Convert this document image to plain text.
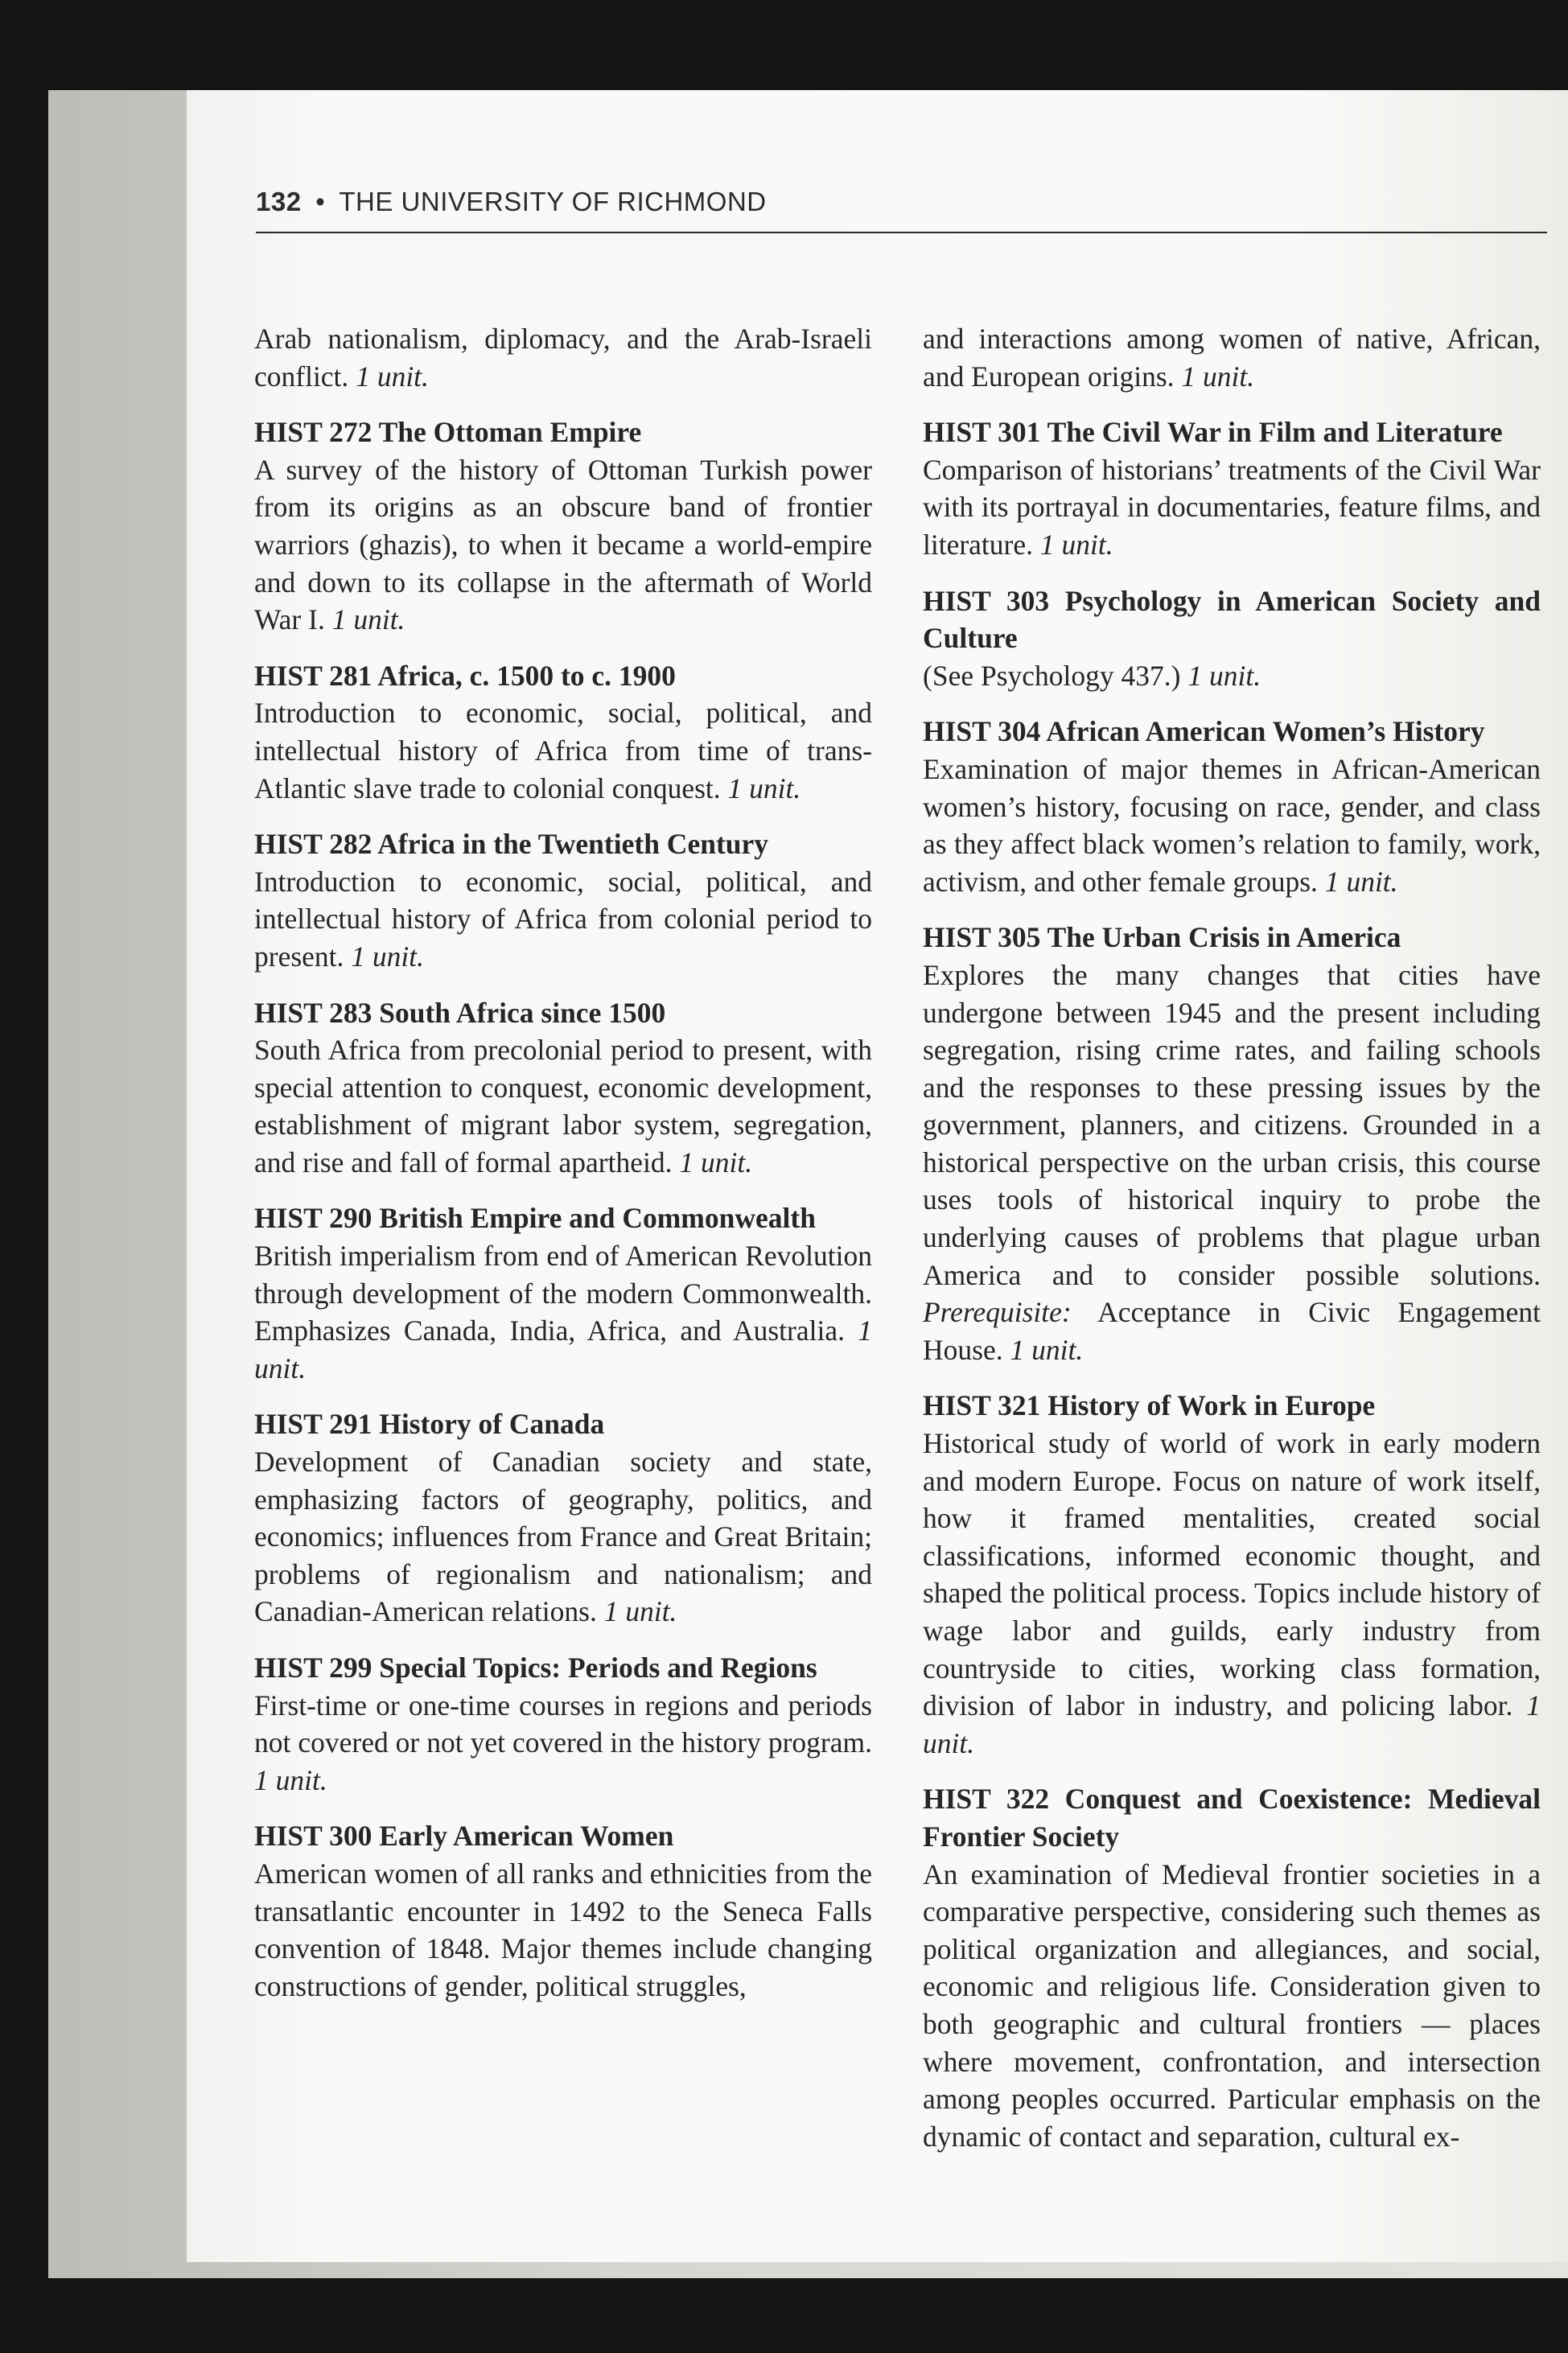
132 • THE UNIVERSITY OF RICHMOND

Arab nationalism, diplomacy, and the Arab-Israeli conflict. 1 unit.

HIST 272 The Ottoman Empire
A survey of the history of Ottoman Turkish power from its origins as an obscure band of frontier warriors (ghazis), to when it became a world-empire and down to its collapse in the aftermath of World War I. 1 unit.

HIST 281 Africa, c. 1500 to c. 1900
Introduction to economic, social, political, and intellectual history of Africa from time of trans-Atlantic slave trade to colonial conquest. 1 unit.

HIST 282 Africa in the Twentieth Century
Introduction to economic, social, political, and intellectual history of Africa from colonial period to present. 1 unit.

HIST 283 South Africa since 1500
South Africa from precolonial period to present, with special attention to conquest, economic development, establishment of migrant labor system, segregation, and rise and fall of formal apartheid. 1 unit.

HIST 290 British Empire and Commonwealth
British imperialism from end of American Revolution through development of the modern Commonwealth. Emphasizes Canada, India, Africa, and Australia. 1 unit.

HIST 291 History of Canada
Development of Canadian society and state, emphasizing factors of geography, politics, and economics; influences from France and Great Britain; problems of regionalism and nationalism; and Canadian-American relations. 1 unit.

HIST 299 Special Topics: Periods and Regions
First-time or one-time courses in regions and periods not covered or not yet covered in the history program. 1 unit.

HIST 300 Early American Women
American women of all ranks and ethnicities from the transatlantic encounter in 1492 to the Seneca Falls convention of 1848. Major themes include changing constructions of gender, political struggles,

and interactions among women of native, African, and European origins. 1 unit.

HIST 301 The Civil War in Film and Literature
Comparison of historians’ treatments of the Civil War with its portrayal in documentaries, feature films, and literature. 1 unit.

HIST 303 Psychology in American Society and Culture
(See Psychology 437.) 1 unit.

HIST 304 African American Women’s History
Examination of major themes in African-American women’s history, focusing on race, gender, and class as they affect black women’s relation to family, work, activism, and other female groups. 1 unit.

HIST 305 The Urban Crisis in America
Explores the many changes that cities have undergone between 1945 and the present including segregation, rising crime rates, and failing schools and the responses to these pressing issues by the government, planners, and citizens. Grounded in a historical perspective on the urban crisis, this course uses tools of historical inquiry to probe the underlying causes of problems that plague urban America and to consider possible solutions. Prerequisite: Acceptance in Civic Engagement House. 1 unit.

HIST 321 History of Work in Europe
Historical study of world of work in early modern and modern Europe. Focus on nature of work itself, how it framed mentalities, created social classifications, informed economic thought, and shaped the political process. Topics include history of wage labor and guilds, early industry from countryside to cities, working class formation, division of labor in industry, and policing labor. 1 unit.

HIST 322 Conquest and Coexistence: Medieval Frontier Society
An examination of Medieval frontier societies in a comparative perspective, considering such themes as political organization and allegiances, and social, economic and religious life. Consideration given to both geographic and cultural frontiers — places where movement, confrontation, and intersection among peoples occurred. Particular emphasis on the dynamic of contact and separation, cultural ex-
